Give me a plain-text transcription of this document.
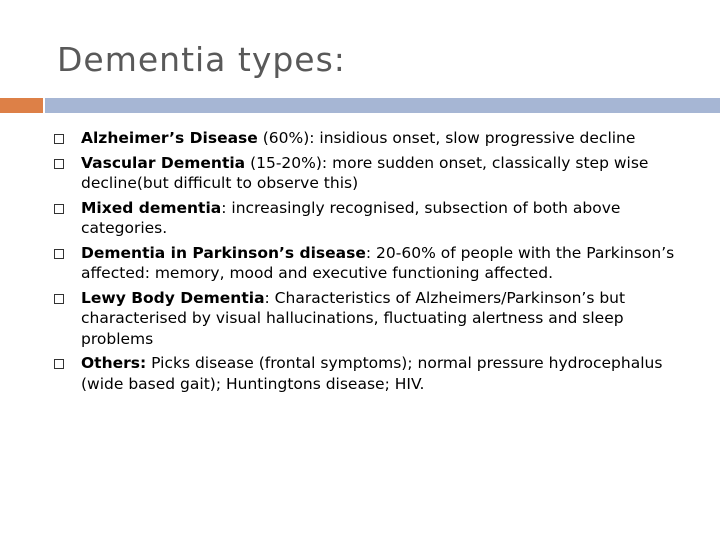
Dementia types:
Alzheimer’s Disease (60%): insidious onset, slow progressive decline
Vascular Dementia (15-20%): more sudden onset, classically step wise decline(but difficult to observe this)
Mixed dementia: increasingly recognised, subsection of both above categories.
Dementia in Parkinson’s disease: 20-60% of people with the Parkinson’s affected: memory, mood and executive functioning affected.
Lewy Body Dementia: Characteristics of Alzheimers/Parkinson’s but characterised by visual hallucinations, fluctuating alertness and sleep problems
Others: Picks disease (frontal symptoms); normal pressure hydrocephalus (wide based gait); Huntingtons disease; HIV.
